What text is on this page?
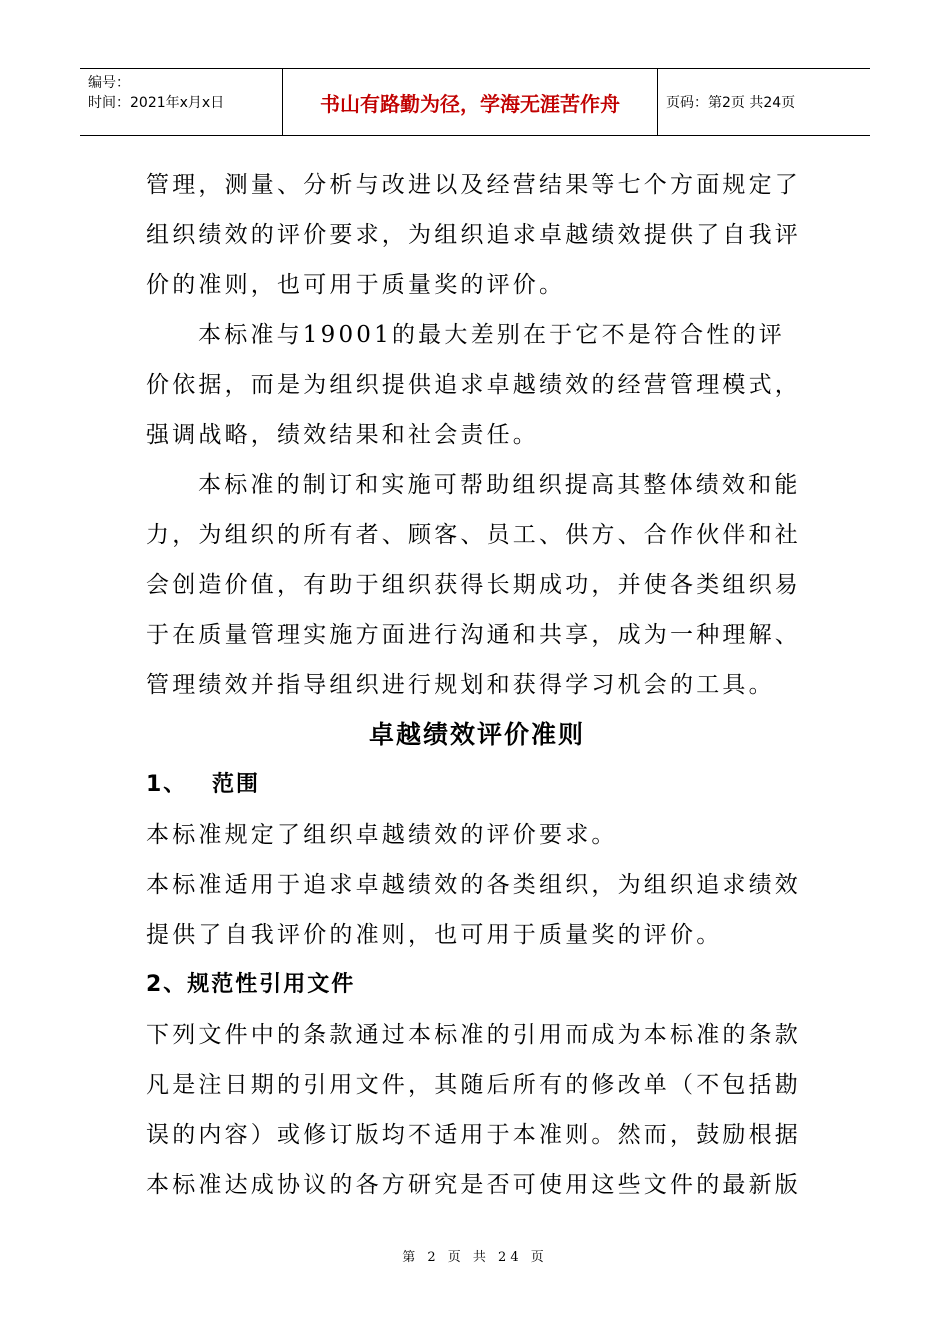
编号：
时间：2021年x月x日	书山有路勤为径，学海无涯苦作舟	页码：第2页 共24页

管理，测量、分析与改进以及经营结果等七个方面规定了组织绩效的评价要求，为组织追求卓越绩效提供了自我评价的准则，也可用于质量奖的评价。

本标准与19001的最大差别在于它不是符合性的评价依据，而是为组织提供追求卓越绩效的经营管理模式，强调战略，绩效结果和社会责任。

本标准的制订和实施可帮助组织提高其整体绩效和能力，为组织的所有者、顾客、员工、供方、合作伙伴和社会创造价值，有助于组织获得长期成功，并使各类组织易于在质量管理实施方面进行沟通和共享，成为一种理解、管理绩效并指导组织进行规划和获得学习机会的工具。

卓越绩效评价准则

1、 范围

本标准规定了组织卓越绩效的评价要求。

本标准适用于追求卓越绩效的各类组织，为组织追求绩效提供了自我评价的准则，也可用于质量奖的评价。

2、规范性引用文件

下列文件中的条款通过本标准的引用而成为本标准的条款凡是注日期的引用文件，其随后所有的修改单（不包括勘误的内容）或修订版均不适用于本准则。然而，鼓励根据本标准达成协议的各方研究是否可使用这些文件的最新版

第 2 页 共 24 页
